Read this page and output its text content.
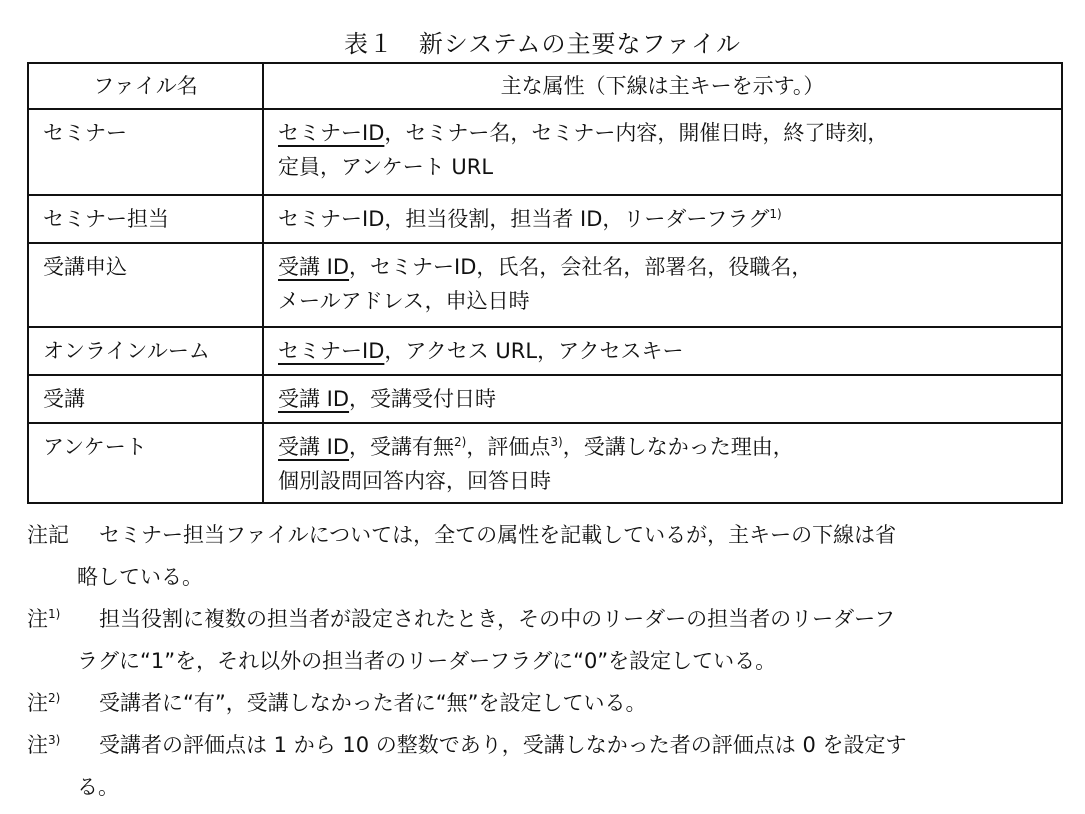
表１　新システムの主要なファイル
ファイル名	主な属性（下線は主キーを示す。）

セミナー	セミナーID，セミナー名，セミナー内容，開催日時，終了時刻，
定員，アンケート URL

セミナー担当	セミナーID，担当役割，担当者 ID，リーダーフラグ$^{1)}$

受講申込	受講 ID，セミナーID，氏名，会社名，部署名，役職名，
メールアドレス，申込日時

オンラインルーム	セミナーID，アクセス URL，アクセスキー

受講	受講 ID，受講受付日時

アンケート	受講 ID，受講有無$^{2)}$，評価点$^{3)}$，受講しなかった理由，
個別設問回答内容，回答日時
注記 セミナー担当ファイルについては，全ての属性を記載しているが，主キーの下線は省
略している。
注$^{1)}$ 担当役割に複数の担当者が設定されたとき，その中のリーダーの担当者のリーダーフ
ラグに“1”を，それ以外の担当者のリーダーフラグに“0”を設定している。
注$^{2)}$ 受講者に“有”，受講しなかった者に“無”を設定している。
注$^{3)}$ 受講者の評価点は 1 から 10 の整数であり，受講しなかった者の評価点は 0 を設定す
る。
